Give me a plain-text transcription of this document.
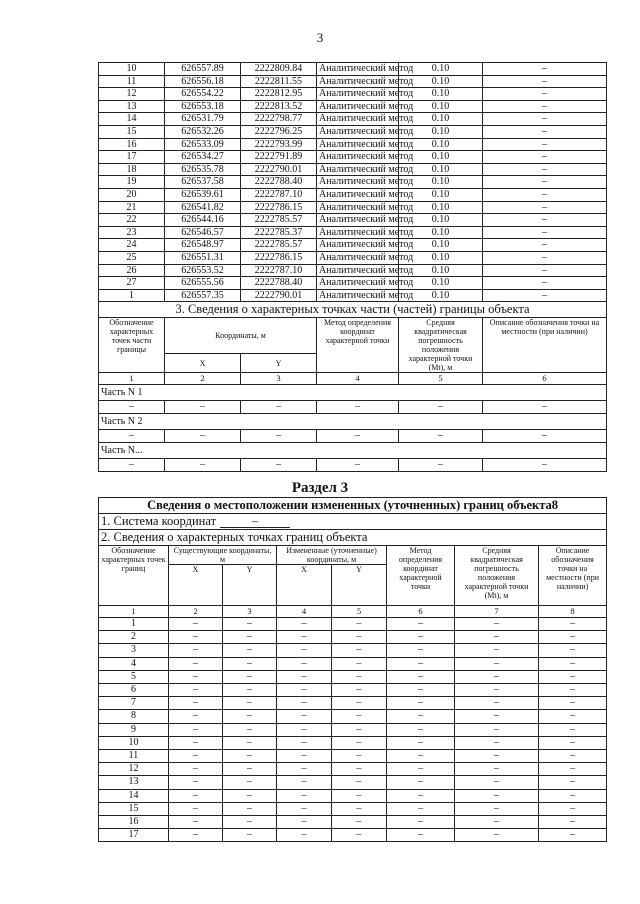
3
10	626557.89	2222809.84	Аналитический метод	0.10	–
11	626556.18	2222811.55	Аналитический метод	0.10	–
12	626554.22	2222812.95	Аналитический метод	0.10	–
13	626553.18	2222813.52	Аналитический метод	0.10	–
14	626531.79	2222798.77	Аналитический метод	0.10	–
15	626532.26	2222796.25	Аналитический метод	0.10	–
16	626533.09	2222793.99	Аналитический метод	0.10	–
17	626534.27	2222791.89	Аналитический метод	0.10	–
18	626535.78	2222790.01	Аналитический метод	0.10	–
19	626537.58	2222788.40	Аналитический метод	0.10	–
20	626539.61	2222787.10	Аналитический метод	0.10	–
21	626541.82	2222786.15	Аналитический метод	0.10	–
22	626544.16	2222785.57	Аналитический метод	0.10	–
23	626546.57	2222785.37	Аналитический метод	0.10	–
24	626548.97	2222785.57	Аналитический метод	0.10	–
25	626551.31	2222786.15	Аналитический метод	0.10	–
26	626553.52	2222787.10	Аналитический метод	0.10	–
27	626555.56	2222788.40	Аналитический метод	0.10	–
1	626557.35	2222790.01	Аналитический метод	0.10	–
3. Сведения о характерных точках части (частей) границы объекта					
Обозначение характерных точек части границы	Координаты, м		Метод определения координат характерной точки	Средняя квадратическая погрешность положения характерной точки (Mt), м	Описание обозначения точки на местности (при наличии)
	X	Y			
1	2	3	4	5	6
Часть N 1					
–	–	–	–	–	–
Часть N 2					
–	–	–	–	–	–
Часть N...					
–	–	–	–	–	–
Раздел 3
Сведения о местоположении измененных (уточненных) границ объекта8							
1. Система координат –							
2. Сведения о характерных точках границ объекта							
Обозначение характерных точек границ	Существующие координаты, м		Измененные (уточненные) координаты, м		Метод определения координат характерной точки	Средняя квадратическая погрешность положения характерной точки (Mt), м	Описание обозначения точки на местности (при наличии)
	X	Y	X	Y			
1	2	3	4	5	6	7	8
1	–	–	–	–	–	–	–
2	–	–	–	–	–	–	–
3	–	–	–	–	–	–	–
4	–	–	–	–	–	–	–
5	–	–	–	–	–	–	–
6	–	–	–	–	–	–	–
7	–	–	–	–	–	–	–
8	–	–	–	–	–	–	–
9	–	–	–	–	–	–	–
10	–	–	–	–	–	–	–
11	–	–	–	–	–	–	–
12	–	–	–	–	–	–	–
13	–	–	–	–	–	–	–
14	–	–	–	–	–	–	–
15	–	–	–	–	–	–	–
16	–	–	–	–	–	–	–
17	–	–	–	–	–	–	–
